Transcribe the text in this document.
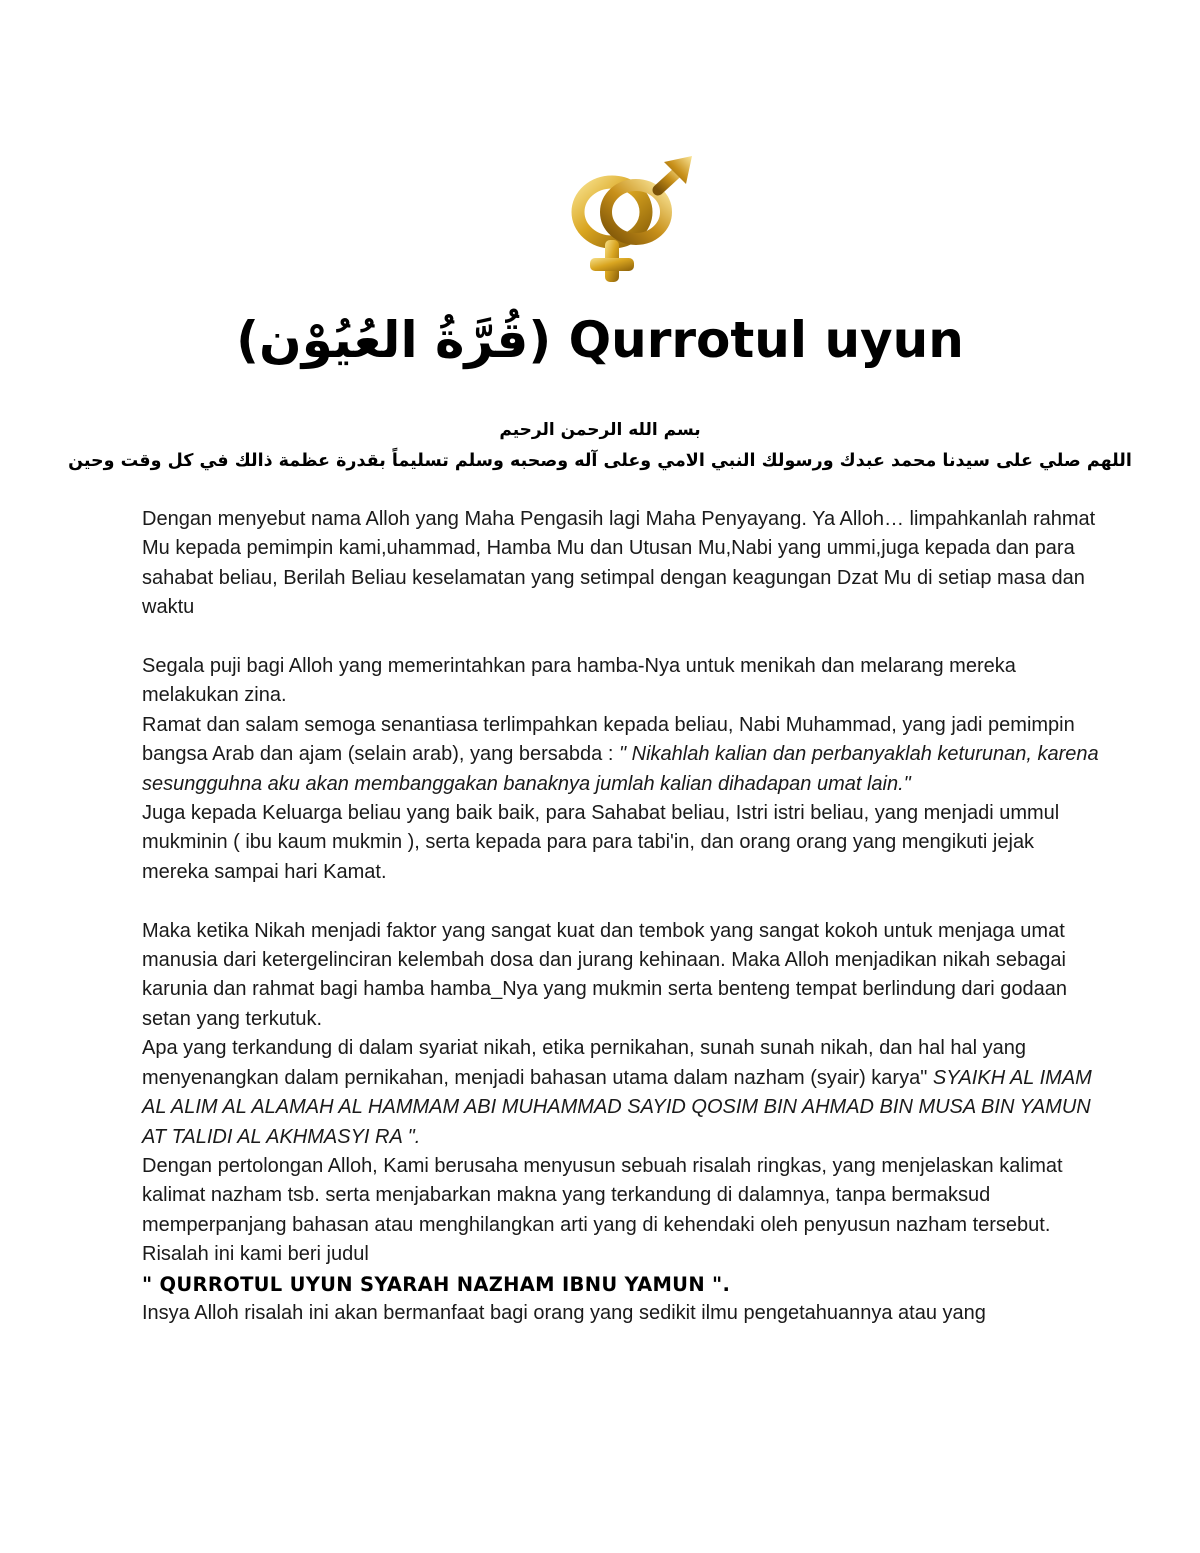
(قُرَّةُ العُيُوْن) Qurrotul uyun
بسم الله الرحمن الرحيم
اللهم صلي على سيدنا محمد عبدك ورسولك النبي الامي وعلى آله وصحبه وسلم تسليماً بقدرة عظمة ذالك في كل وقت وحين

Dengan menyebut nama Alloh yang Maha Pengasih lagi Maha Penyayang. Ya Alloh… limpahkanlah rahmat Mu kepada pemimpin kami,uhammad, Hamba Mu dan Utusan Mu,Nabi yang ummi,juga kepada dan para sahabat beliau, Berilah Beliau keselamatan yang setimpal dengan keagungan Dzat Mu di setiap masa dan waktu

Segala puji bagi Alloh yang memerintahkan para hamba-Nya untuk menikah dan melarang mereka melakukan zina.

Ramat dan salam semoga senantiasa terlimpahkan kepada beliau, Nabi Muhammad, yang jadi pemimpin bangsa Arab dan ajam (selain arab), yang bersabda : " Nikahlah kalian dan perbanyaklah keturunan, karena sesungguhna aku akan membanggakan banaknya jumlah kalian dihadapan umat lain."

Juga kepada Keluarga beliau yang baik baik, para Sahabat beliau, Istri istri beliau, yang menjadi ummul mukminin ( ibu kaum mukmin ), serta kepada para para tabi'in, dan orang orang yang mengikuti jejak mereka sampai hari Kamat.

Maka ketika Nikah menjadi faktor yang sangat kuat dan tembok yang sangat kokoh untuk menjaga umat manusia dari ketergelinciran kelembah dosa dan jurang kehinaan. Maka Alloh menjadikan nikah sebagai karunia dan rahmat bagi hamba hamba_Nya yang mukmin serta benteng tempat berlindung dari godaan setan yang terkutuk.

Apa yang terkandung di dalam syariat nikah, etika pernikahan, sunah sunah nikah, dan hal hal yang menyenangkan dalam pernikahan, menjadi bahasan utama dalam nazham (syair) karya" SYAIKH AL IMAM AL ALIM AL ALAMAH AL HAMMAM ABI MUHAMMAD SAYID QOSIM BIN AHMAD BIN MUSA BIN YAMUN AT TALIDI AL AKHMASYI RA ".

Dengan pertolongan Alloh, Kami berusaha menyusun sebuah risalah ringkas, yang menjelaskan kalimat kalimat nazham tsb. serta menjabarkan makna yang terkandung di dalamnya, tanpa bermaksud memperpanjang bahasan atau menghilangkan arti yang di kehendaki oleh penyusun nazham tersebut.

Risalah ini kami beri judul

" QURROTUL UYUN SYARAH NAZHAM IBNU YAMUN ".

Insya Alloh risalah ini akan bermanfaat bagi orang yang sedikit ilmu pengetahuannya atau yang
